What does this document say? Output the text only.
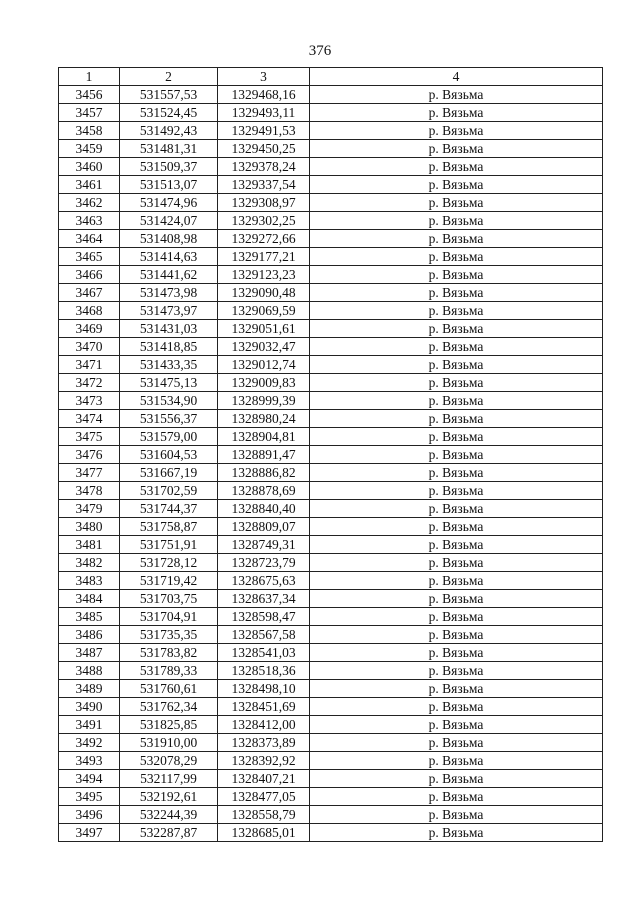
376
1	2	3	4
3456	531557,53	1329468,16	р. Вязьма
3457	531524,45	1329493,11	р. Вязьма
3458	531492,43	1329491,53	р. Вязьма
3459	531481,31	1329450,25	р. Вязьма
3460	531509,37	1329378,24	р. Вязьма
3461	531513,07	1329337,54	р. Вязьма
3462	531474,96	1329308,97	р. Вязьма
3463	531424,07	1329302,25	р. Вязьма
3464	531408,98	1329272,66	р. Вязьма
3465	531414,63	1329177,21	р. Вязьма
3466	531441,62	1329123,23	р. Вязьма
3467	531473,98	1329090,48	р. Вязьма
3468	531473,97	1329069,59	р. Вязьма
3469	531431,03	1329051,61	р. Вязьма
3470	531418,85	1329032,47	р. Вязьма
3471	531433,35	1329012,74	р. Вязьма
3472	531475,13	1329009,83	р. Вязьма
3473	531534,90	1328999,39	р. Вязьма
3474	531556,37	1328980,24	р. Вязьма
3475	531579,00	1328904,81	р. Вязьма
3476	531604,53	1328891,47	р. Вязьма
3477	531667,19	1328886,82	р. Вязьма
3478	531702,59	1328878,69	р. Вязьма
3479	531744,37	1328840,40	р. Вязьма
3480	531758,87	1328809,07	р. Вязьма
3481	531751,91	1328749,31	р. Вязьма
3482	531728,12	1328723,79	р. Вязьма
3483	531719,42	1328675,63	р. Вязьма
3484	531703,75	1328637,34	р. Вязьма
3485	531704,91	1328598,47	р. Вязьма
3486	531735,35	1328567,58	р. Вязьма
3487	531783,82	1328541,03	р. Вязьма
3488	531789,33	1328518,36	р. Вязьма
3489	531760,61	1328498,10	р. Вязьма
3490	531762,34	1328451,69	р. Вязьма
3491	531825,85	1328412,00	р. Вязьма
3492	531910,00	1328373,89	р. Вязьма
3493	532078,29	1328392,92	р. Вязьма
3494	532117,99	1328407,21	р. Вязьма
3495	532192,61	1328477,05	р. Вязьма
3496	532244,39	1328558,79	р. Вязьма
3497	532287,87	1328685,01	р. Вязьма
